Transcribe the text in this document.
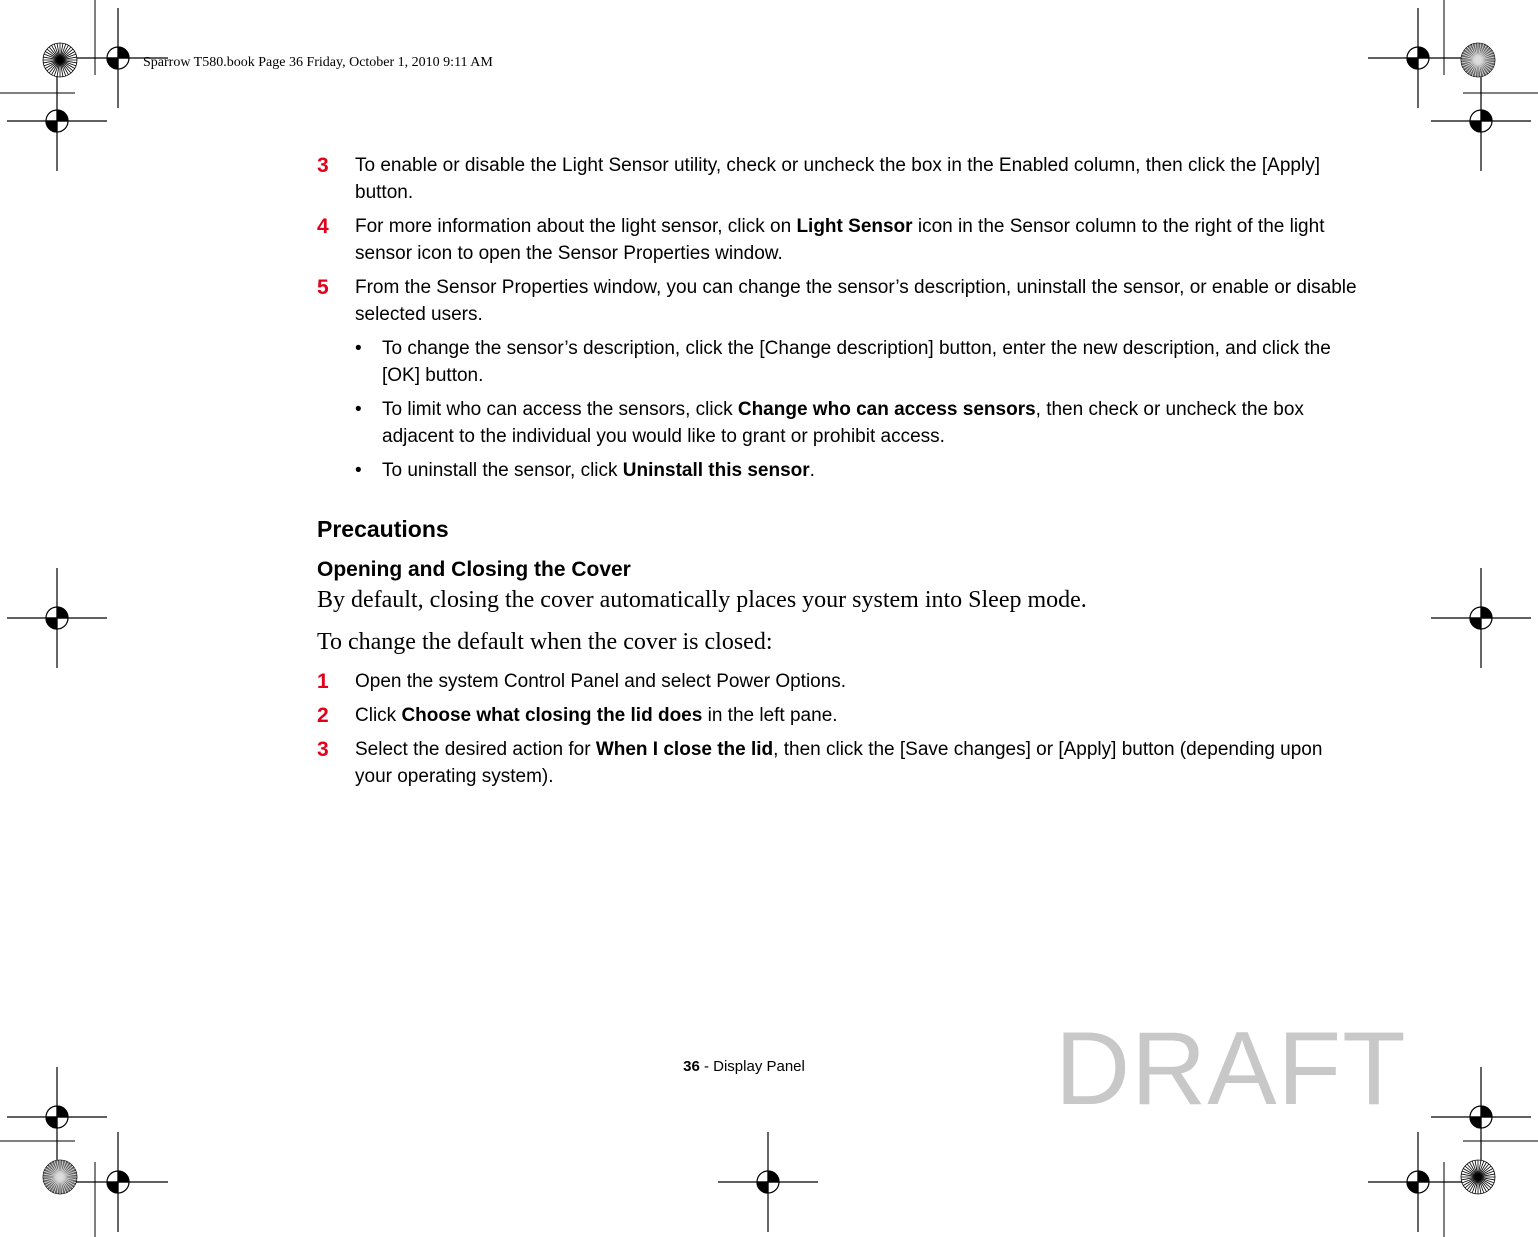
Sparrow T580.book Page 36 Friday, October 1, 2010 9:11 AM
3 To enable or disable the Light Sensor utility, check or uncheck the box in the Enabled column, then click the [Apply] button.
4 For more information about the light sensor, click on Light Sensor icon in the Sensor column to the right of the light sensor icon to open the Sensor Properties window.
5 From the Sensor Properties window, you can change the sensor’s description, uninstall the sensor, or enable or disable selected users.
• To change the sensor’s description, click the [Change description] button, enter the new description, and click the [OK] button.
• To limit who can access the sensors, click Change who can access sensors, then check or uncheck the box adjacent to the individual you would like to grant or prohibit access.
• To uninstall the sensor, click Uninstall this sensor.
Precautions
Opening and Closing the Cover
By default, closing the cover automatically places your system into Sleep mode.
To change the default when the cover is closed:
1 Open the system Control Panel and select Power Options.
2 Click Choose what closing the lid does in the left pane.
3 Select the desired action for When I close the lid, then click the [Save changes] or [Apply] button (depending upon your operating system).
36 - Display Panel	DRAFT
